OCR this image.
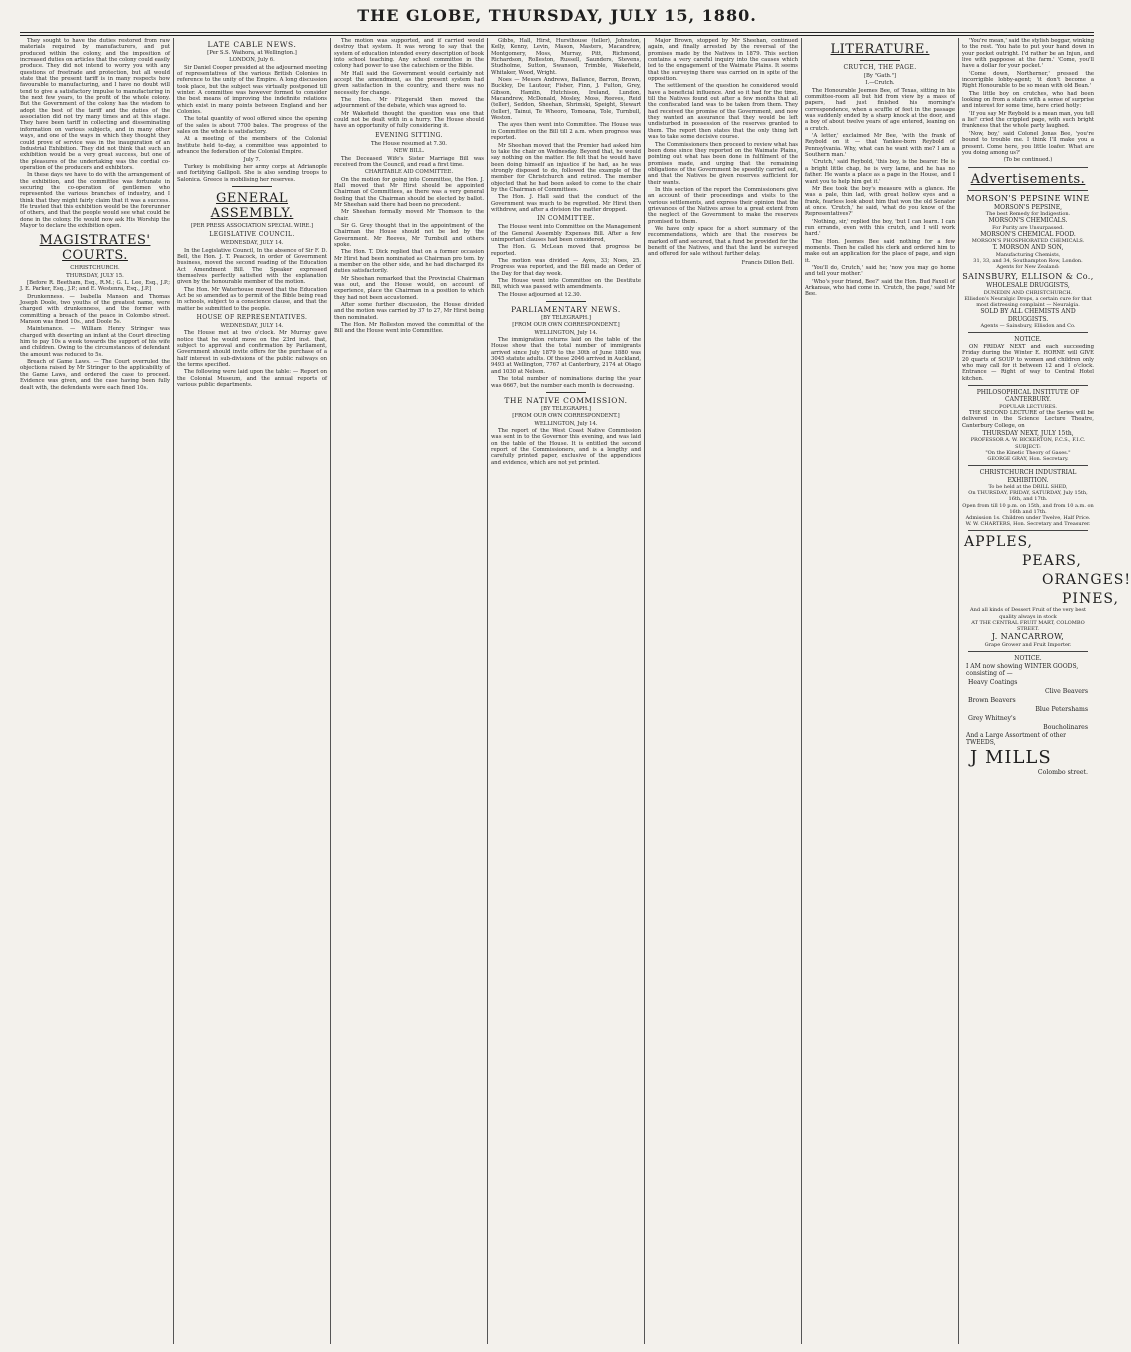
THE GLOBE, THURSDAY, JULY 15, 1880.

They sought to have the duties restored from raw materials required by manufacturers, and put produced within the colony, and the imposition of increased duties on articles that the colony could easily produce. They did not intend to worry you with any questions of freetrade and protection, but all would state that the present tariff is in many respects how favourable to manufacturing, and I have no doubt will tend to give a satisfactory impulse to manufacturing in the next few years, to the profit of the whole colony. But the Government of the colony has the wisdom to adopt the best of the tariff and the duties of the association did not try many times and at this stage. They have been tariff in collecting and disseminating information on various subjects, and in many other ways, and one of the ways in which they thought they could prove of service was in the inauguration of an Industrial Exhibition. They did not think that such an exhibition would be a very great success, but one of the pleasures of the undertaking was the cordial co-operation of the producers and exhibitors.

In these days we have to do with the arrangement of the exhibition, and the committee was fortunate in securing the co-operation of gentlemen who represented the various branches of industry, and I think that they might fairly claim that it was a success. He trusted that this exhibition would be the forerunner of others, and that the people would see what could be done in the colony. He would now ask His Worship the Mayor to declare the exhibition open.

MAGISTRATES' COURTS.
CHRISTCHURCH.
THURSDAY, JULY 15.

[Before R. Beetham, Esq., R.M.; G. L. Lee, Esq., J.P.; J. E. Parker, Esq., J.P.; and E. Westenra, Esq., J.P.]

Drunkenness. — Isabella Manson and Thomas Joseph Doole, two youths of the greatest name, were charged with drunkenness, and the former with committing a breach of the peace in Colombo street. Manson was fined 10s., and Doole 5s.

Maintenance. — William Henry Stringer was charged with deserting an infant at the Court directing him to pay 10s a week towards the support of his wife and children. Owing to the circumstances of defendant the amount was reduced to 5s.

Breach of Game Laws. — The Court overruled the objections raised by Mr Stringer to the applicability of the Game Laws, and ordered the case to proceed. Evidence was given, and the case having been fully dealt with, the defendants were each fined 10s.

LATE CABLE NEWS.
[Per S.S. Waihora, at Wellington.]
LONDON, July 6.

Sir Daniel Cooper presided at the adjourned meeting of representatives of the various British Colonies in reference to the unity of the Empire. A long discussion took place, but the subject was virtually postponed till winter. A committee was however formed to consider the best means of improving the indefinite relations which exist in many points between England and her Colonies.

The total quantity of wool offered since the opening of the sales is about 7700 bales. The progress of the sales on the whole is satisfactory.

At a meeting of the members of the Colonial Institute held to-day, a committee was appointed to advance the federation of the Colonial Empire.

July 7.

Turkey is mobilising her army corps at Adrianople and fortifying Gallipoli. She is also sending troops to Salonica. Greece is mobilising her reserves.

GENERAL ASSEMBLY.
[PER PRESS ASSOCIATION SPECIAL WIRE.]
LEGISLATIVE COUNCIL.
WEDNESDAY, JULY 14.

In the Legislative Council, In the absence of Sir F. D. Bell, the Hon. J. T. Peacock, in order of Government business, moved the second reading of the Education Act Amendment Bill. The Speaker expressed themselves perfectly satisfied with the explanation given by the honourable member of the motion.

The Hon. Mr Waterhouse moved that the Education Act be so amended as to permit of the Bible being read in schools, subject to a conscience clause, and that the matter be submitted to the people.

HOUSE OF REPRESENTATIVES.
WEDNESDAY, JULY 14.

The House met at two o'clock. Mr Murray gave notice that he would move on the 23rd inst. that, subject to approval and confirmation by Parliament, Government should invite offers for the purchase of a half interest in sub-divisions of the public railways on the terms specified.

The following were laid upon the table: — Report on the Colonial Museum, and the annual reports of various public departments.

The motion was supported, and if carried would destroy that system. It was wrong to say that the system of education intended every description of book into school teaching. Any school committee in the colony had power to use the catechism or the Bible.

Mr Hall said the Government would certainly not accept the amendment, as the present system had given satisfaction in the country, and there was no necessity for change.

The Hon. Mr Fitzgerald then moved the adjournment of the debate, which was agreed to.

Mr Wakefield thought the question was one that could not be dealt with in a hurry. The House should have an opportunity of fully considering it.

EVENING SITTING.
The House resumed at 7.30.
NEW BILL.

The Deceased Wife's Sister Marriage Bill was received from the Council, and read a first time.

CHARITABLE AID COMMITTEE.

On the motion for going into Committee, the Hon. J. Hall moved that Mr Hirst should be appointed Chairman of Committees, as there was a very general feeling that the Chairman should be elected by ballot. Mr Sheehan said there had been no precedent.

Mr Sheehan formally moved Mr Thomson to the chair.

Sir G. Grey thought that in the appointment of the Chairman the House should not be led by the Government. Mr Reeves, Mr Turnbull and others spoke.

The Hon. T. Dick replied that on a former occasion Mr Hirst had been nominated as Chairman pro tem. by a member on the other side, and he had discharged its duties satisfactorily.

Mr Sheehan remarked that the Provincial Chairman was out, and the House would, on account of experience, place the Chairman in a position to which they had not been accustomed.

After some further discussion, the House divided and the motion was carried by 37 to 27, Mr Hirst being then nominated.

The Hon. Mr Rolleston moved the committal of the Bill and the House went into Committee.

Gibbs, Hall, Hirst, Hursthouse (teller), Johnston, Kelly, Kenny, Levin, Mason, Masters, Macandrew, Montgomery, Moss, Murray, Pitt, Richmond, Richardson, Rolleston, Russell, Saunders, Stevens, Studholme, Sutton, Swanson, Trimble, Wakefield, Whitaker, Wood, Wright.

Noes — Messrs Andrews, Ballance, Barron, Brown, Buckley, De Lautour, Fisher, Finn, J. Fulton, Grey, Gibson, Hamlin, Hutchison, Ireland, Lundon, Macandrew, McDonald, Mosley, Moss, Reeves, Reid (teller), Seddon, Sheehan, Shrimski, Speight, Stewart (teller), Tainui, Te Wheoro, Tomoana, Tole, Turnbull, Weston.

The ayes then went into Committee. The House was in Committee on the Bill till 2 a.m. when progress was reported.

Mr Sheehan moved that the Premier had asked him to take the chair on Wednesday. Beyond that, he would say nothing on the matter. He felt that he would have been doing himself an injustice if he had, as he was strongly disposed to do, followed the example of the member for Christchurch and retired. The member objected that he had been asked to come to the chair by the Chairman of Committees.

The Hon. J. Hall said that the conduct of the Government was much to be regretted. Mr Hirst then withdrew, and after a division the matter dropped.

IN COMMITTEE.

The House went into Committee on the Management of the General Assembly Expenses Bill. After a few unimportant clauses had been considered,

The Hon. G. McLean moved that progress be reported.

The motion was divided — Ayes, 33; Noes, 25. Progress was reported, and the Bill made an Order of the Day for that day week.

The House went into Committee on the Destitute Bill, which was passed with amendments.

The House adjourned at 12.30.

PARLIAMENTARY NEWS.
[BY TELEGRAPH.]
[FROM OUR OWN CORRESPONDENT.]
WELLINGTON, July 14.

The immigration returns laid on the table of the House show that the total number of immigrants arrived since July 1879 to the 30th of June 1880 was 3045 statute adults. Of these 2046 arrived in Auckland, 9493 at Wellington, 7767 at Canterbury, 2174 at Otago and 1030 at Nelson.

The total number of nominations during the year was 6667, but the number each month is decreasing.

THE NATIVE COMMISSION.
[BY TELEGRAPH.]
[FROM OUR OWN CORRESPONDENT.]
WELLINGTON, July 14.

The report of the West Coast Native Commission was sent in to the Governor this evening, and was laid on the table of the House. It is entitled the second report of the Commissioners, and is a lengthy and carefully printed paper, exclusive of the appendices and evidence, which are not yet printed.

Major Brown, stopped by Mr Sheehan, continued again, and finally arrested by the reversal of the promises made by the Natives in 1879. This section contains a very careful inquiry into the causes which led to the engagement of the Waimate Plains. It seems that the surveying there was carried on in spite of the opposition.

The settlement of the question he considered would have a beneficial influence. And so it had for the time, till the Natives found out after a few months that all the confiscated land was to be taken from them. They had received the promise of the Government, and now they wanted an assurance that they would be left undisturbed in possession of the reserves granted to them. The report then states that the only thing left was to take some decisive course.

The Commissioners then proceed to review what has been done since they reported on the Waimate Plains, pointing out what has been done in fulfilment of the promises made, and urging that the remaining obligations of the Government be speedily carried out, and that the Natives be given reserves sufficient for their wants.

In this section of the report the Commissioners give an account of their proceedings and visits to the various settlements, and express their opinion that the grievances of the Natives arose to a great extent from the neglect of the Government to make the reserves promised to them.

We have only space for a short summary of the recommendations, which are that the reserves be marked off and secured, that a fund be provided for the benefit of the Natives, and that the land be surveyed and offered for sale without further delay.

Francis Dillon Bell.
LITERATURE.
CRUTCH, THE PAGE.
[By "Gath."]
I.—Crutch.

The Honourable Jeemes Bee, of Texas, sitting in his committee-room all but hid from view by a mass of papers, had just finished his morning's correspondence, when a scuffle of feet in the passage was suddenly ended by a sharp knock at the door, and a boy of about twelve years of age entered, leaning on a crutch.

'A letter,' exclaimed Mr Bee, 'with the frank of Reybold on it — that Yankee-born Reybold of Pennsylvania. Why, what can he want with me? I am a Southern man.'

'Crutch,' said Reybold, 'this boy, is the bearer. He is a bright little chap, he is very lame, and he has no father. He wants a place as a page in the House, and I want you to help him get it.'

Mr Bee took the boy's measure with a glance. He was a pale, thin lad, with great hollow eyes and a frank, fearless look about him that won the old Senator at once. 'Crutch,' he said, 'what do you know of the Representatives?'

'Nothing, sir,' replied the boy, 'but I can learn. I can run errands, even with this crutch, and I will work hard.'

The Hon. Jeemes Bee said nothing for a few moments. Then he called his clerk and ordered him to make out an application for the place of page, and sign it.

'You'll do, Crutch,' said he; 'now you may go home and tell your mother.'

'Who's your friend, Bee?' said the Hon. Bud Faxoll of Arkansas, who had come in. 'Crutch, the page,' said Mr Bee.

'You're mean,' said the stylish beggar, winking to the rest. 'You hate to put your hand down in your pocket outright. I'd rather be an Injun, and live with pappoose at the farm.' 'Come, you'll have a dollar for your pocket.'

'Come down, Northerner,' pressed the incorrigible lobby-agent; 'it don't become a Right Honourable to be so mean with old Bean.'

The little boy on crutches, who had been looking on from a stairs with a sense of surprise and interest for some time, here cried hotly:

'If you say Mr Reybold is a mean man, you tell a lie!' cried the crippled page, with such bright frankness that the whole party laughed.

'Now, boy,' said Colonel Jonas Bee, 'you're bound to trouble me. I think I'll make you a present. Come here, you little loafer. What are you doing among us?'

(To be continued.)
Advertisements.
MORSON'S PEPSINE WINE
MORSON'S PEPSINE,
The best Remedy for Indigestion.
MORSON'S CHEMICALS.
For Purity are Unsurpassed.
MORSON'S CHEMICAL FOOD.
MORSON'S PHOSPHORATED CHEMICALS.
T. MORSON AND SON,
Manufacturing Chemists,
31, 33, and 34, Southampton Row, London.
Agents for New Zealand:
SAINSBURY, ELLISON & Co.,
WHOLESALE DRUGGISTS,
DUNEDIN AND CHRISTCHURCH.
Ellisdon's Neuralgic Drops, a certain cure for that most distressing complaint — Neuralgia.
SOLD BY ALL CHEMISTS AND DRUGGISTS.
Agents — Sainsbury, Ellisdon and Co.
NOTICE.

ON FRIDAY NEXT and each succeeding Friday during the Winter E. HORNE will GIVE 20 quarts of SOUP to women and children only who may call for it between 12 and 1 o'clock. Entrance — Right of way to Central Hotel kitchen.

PHILOSOPHICAL INSTITUTE OF CANTERBURY.
POPULAR LECTURES.

THE SECOND LECTURE of the Series will be delivered in the Science Lecture Theatre, Canterbury College, on

THURSDAY NEXT, JULY 15th,
PROFESSOR A. W. BICKERTON, F.C.S., F.I.C.
SUBJECT:
"On the Kinetic Theory of Gases."
GEORGE GRAY, Hon. Secretary.
CHRISTCHURCH INDUSTRIAL EXHIBITION.
To be held at the DRILL SHED,
On THURSDAY, FRIDAY, SATURDAY, July 15th, 16th, and 17th.
Open from till 10 p.m. on 15th, and from 10 a.m. on 16th and 17th.
Admission 1s. Children under Twelve, Half Price.
W. W. CHARTERS, Hon. Secretary and Treasurer.
APPLES,
PEARS,
ORANGES!
PINES,
And all kinds of Dessert Fruit of the very best quality always in stock
AT THE CENTRAL FRUIT MART, COLOMBO STREET.
J. NANCARROW,
Grape Grower and Fruit Importer.
NOTICE.
I AM now showing WINTER GOODS, consisting of —
Heavy Coatings
Clive Beavers
Brown Beavers
Blue Petershams
Grey Whitney's
Boucholinares
And a Large Assortment of other TWEEDS,
J MILLS
Colombo street.
